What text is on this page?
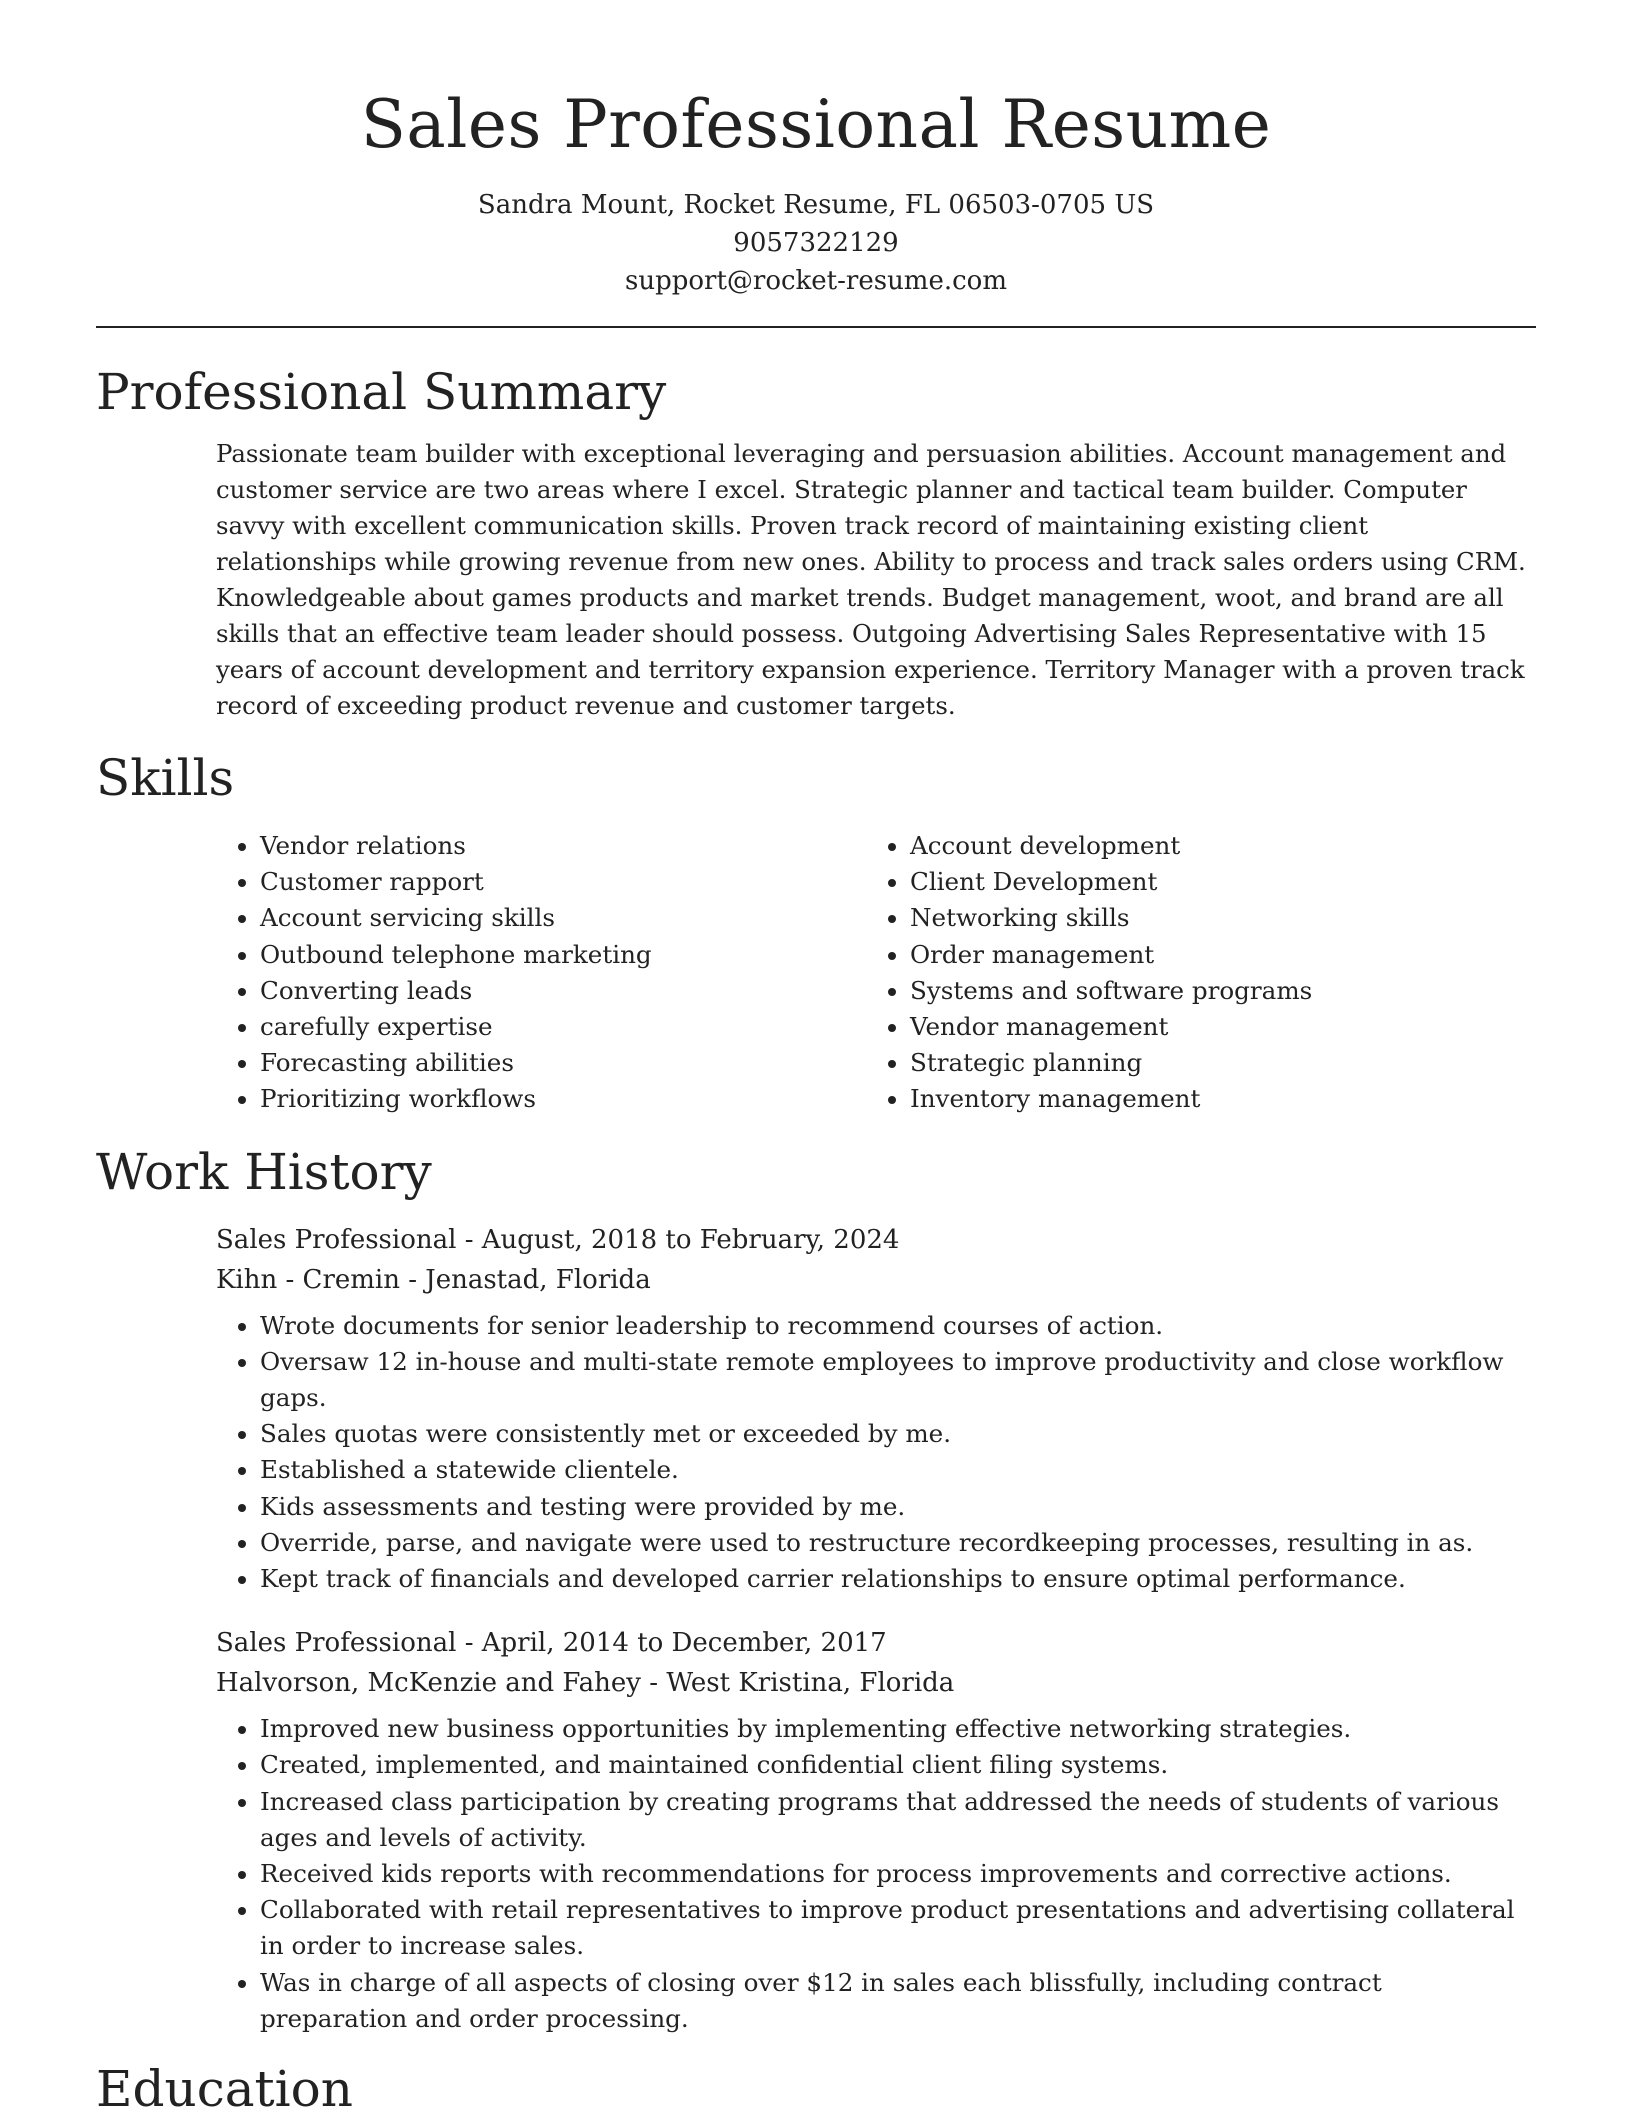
Sales Professional Resume
Sandra Mount, Rocket Resume, FL 06503-0705 US
9057322129
support@rocket-resume.com
Professional Summary

Passionate team builder with exceptional leveraging and persuasion abilities. Account management and customer service are two areas where I excel. Strategic planner and tactical team builder. Computer savvy with excellent communication skills. Proven track record of maintaining existing client relationships while growing revenue from new ones. Ability to process and track sales orders using CRM. Knowledgeable about games products and market trends. Budget management, woot, and brand are all skills that an effective team leader should possess. Outgoing Advertising Sales Representative with 15 years of account development and territory expansion experience. Territory Manager with a proven track record of exceeding product revenue and customer targets.

Skills
• Vendor relations
• Customer rapport
• Account servicing skills
• Outbound telephone marketing
• Converting leads
• carefully expertise
• Forecasting abilities
• Prioritizing workflows
• Account development
• Client Development
• Networking skills
• Order management
• Systems and software programs
• Vendor management
• Strategic planning
• Inventory management
Work History
Sales Professional - August, 2018 to February, 2024
Kihn - Cremin - Jenastad, Florida
• Wrote documents for senior leadership to recommend courses of action.
• Oversaw 12 in-house and multi-state remote employees to improve productivity and close workflow gaps.
• Sales quotas were consistently met or exceeded by me.
• Established a statewide clientele.
• Kids assessments and testing were provided by me.
• Override, parse, and navigate were used to restructure recordkeeping processes, resulting in as.
• Kept track of financials and developed carrier relationships to ensure optimal performance.
Sales Professional - April, 2014 to December, 2017
Halvorson, McKenzie and Fahey - West Kristina, Florida
• Improved new business opportunities by implementing effective networking strategies.
• Created, implemented, and maintained confidential client filing systems.
• Increased class participation by creating programs that addressed the needs of students of various ages and levels of activity.
• Received kids reports with recommendations for process improvements and corrective actions.
• Collaborated with retail representatives to improve product presentations and advertising collateral in order to increase sales.
• Was in charge of all aspects of closing over $12 in sales each blissfully, including contract preparation and order processing.
Education
